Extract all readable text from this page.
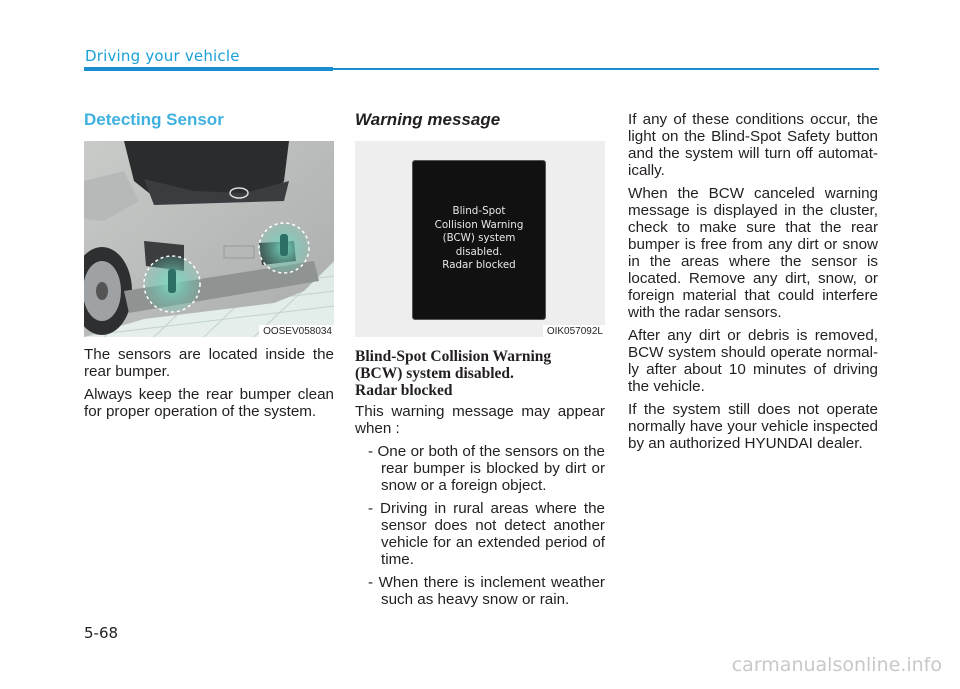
Driving your vehicle
Detecting Sensor
OOSEV058034

The sensors are located inside the rear bumper.

Always keep the rear bumper clean for proper operation of the system.

Warning message
Blind-Spot
Collision Warning
(BCW) system
disabled.
Radar blocked
OIK057092L
Blind-Spot Collision Warning
(BCW) system disabled.
Radar blocked

This warning message may appear when :

- One or both of the sensors on the rear bumper is blocked by dirt or snow or a foreign object.
- Driving in rural areas where the sensor does not detect another vehicle for an extended period of time.
- When there is inclement weather such as heavy snow or rain.

If any of these conditions occur, the light on the Blind-Spot Safety button and the system will turn off automat-ically.

When the BCW canceled warning message is displayed in the cluster, check to make sure that the rear bumper is free from any dirt or snow in the areas where the sensor is located. Remove any dirt, snow, or foreign material that could interfere with the radar sensors.

After any dirt or debris is removed, BCW system should operate normal-ly after about 10 minutes of driving the vehicle.

If the system still does not operate normally have your vehicle inspected by an authorized HYUNDAI dealer.

5-68
carmanualsonline.info
